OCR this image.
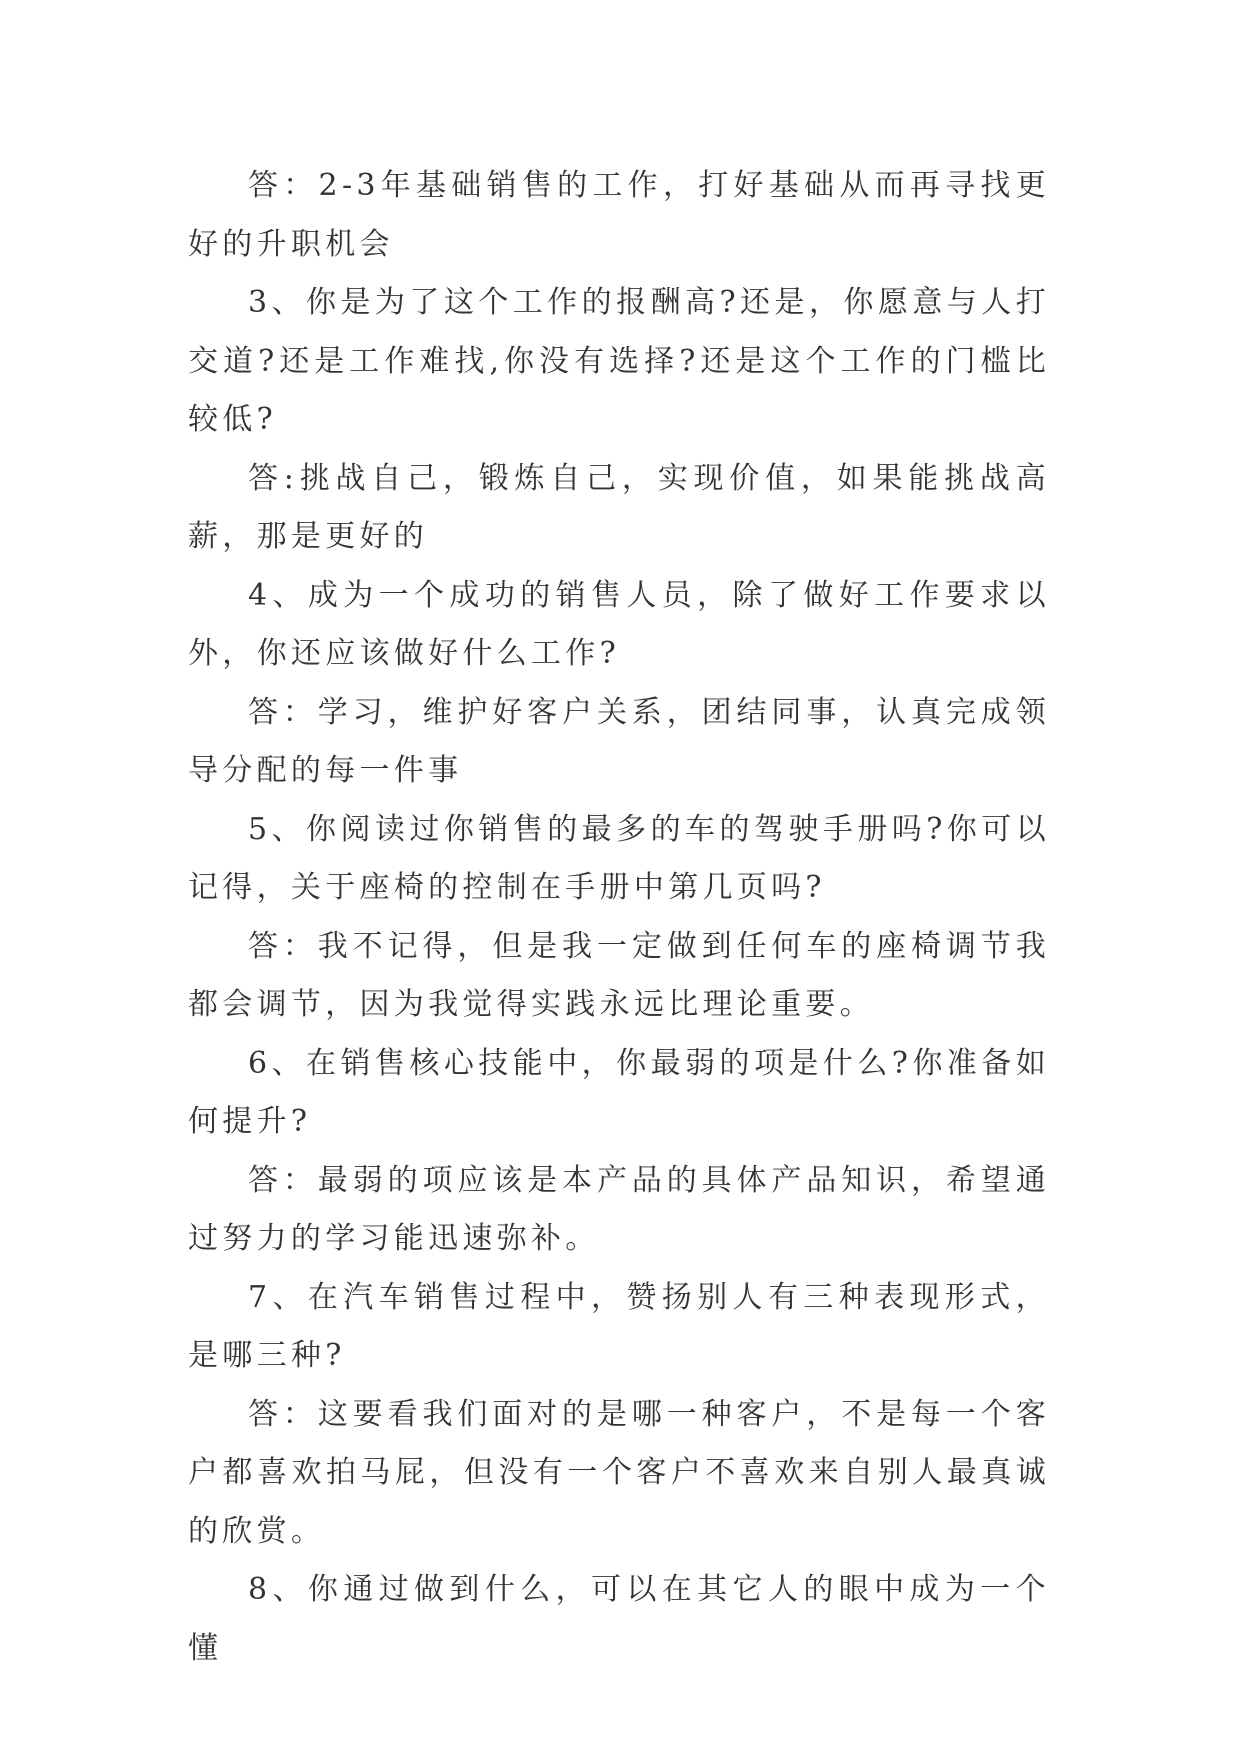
答：2-3年基础销售的工作，打好基础从而再寻找更好的升职机会

3、你是为了这个工作的报酬高?还是，你愿意与人打交道?还是工作难找,你没有选择?还是这个工作的门槛比较低?

答:挑战自己，锻炼自己，实现价值，如果能挑战高薪，那是更好的

4、成为一个成功的销售人员，除了做好工作要求以外，你还应该做好什么工作?

答：学习，维护好客户关系，团结同事，认真完成领导分配的每一件事

5、你阅读过你销售的最多的车的驾驶手册吗?你可以记得，关于座椅的控制在手册中第几页吗?

答：我不记得，但是我一定做到任何车的座椅调节我都会调节，因为我觉得实践永远比理论重要。

6、在销售核心技能中，你最弱的项是什么?你准备如何提升?

答：最弱的项应该是本产品的具体产品知识，希望通过努力的学习能迅速弥补。

7、在汽车销售过程中，赞扬别人有三种表现形式，是哪三种?

答：这要看我们面对的是哪一种客户，不是每一个客户都喜欢拍马屁，但没有一个客户不喜欢来自别人最真诚的欣赏。

8、你通过做到什么，可以在其它人的眼中成为一个懂
